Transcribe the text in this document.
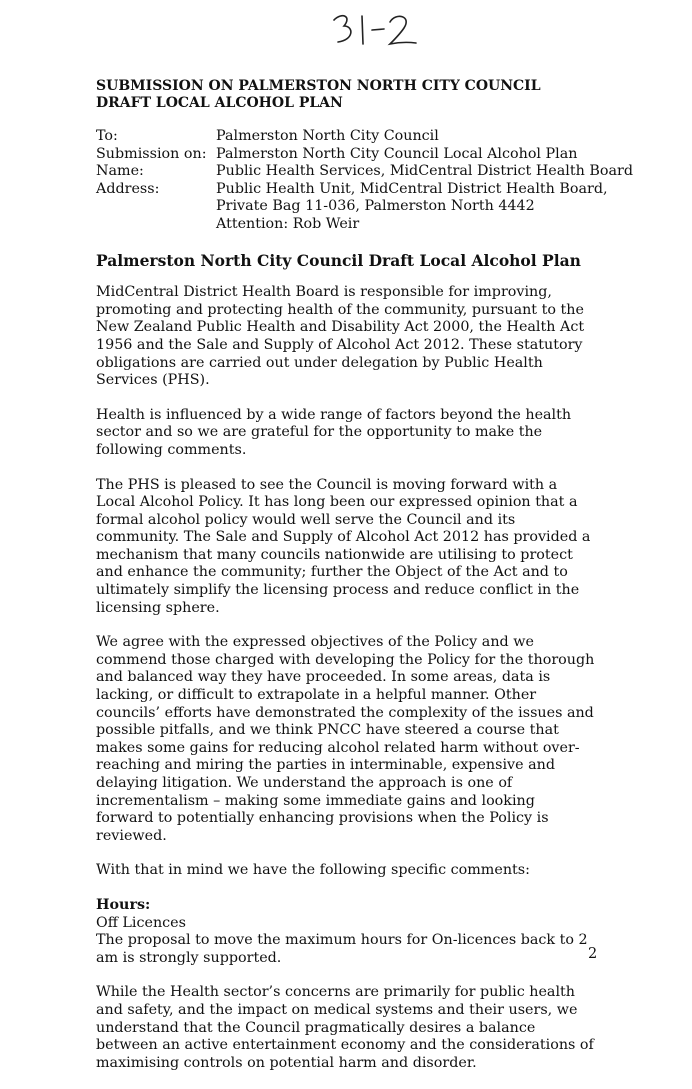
SUBMISSION ON PALMERSTON NORTH CITY COUNCIL
DRAFT LOCAL ALCOHOL PLAN
To:	Palmerston North City Council
Submission on: Palmerston North City Council Local Alcohol Plan
Name:	Public Health Services, MidCentral District Health Board
Address:	Public Health Unit, MidCentral District Health Board,
Private Bag 11-036, Palmerston North 4442
Attention: Rob Weir
Palmerston North City Council Draft Local Alcohol Plan

MidCentral District Health Board is responsible for improving, promoting and protecting health of the community, pursuant to the New Zealand Public Health and Disability Act 2000, the Health Act 1956 and the Sale and Supply of Alcohol Act 2012. These statutory obligations are carried out under delegation by Public Health Services (PHS).

Health is influenced by a wide range of factors beyond the health sector and so we are grateful for the opportunity to make the following comments.

The PHS is pleased to see the Council is moving forward with a Local Alcohol Policy. It has long been our expressed opinion that a formal alcohol policy would well serve the Council and its community. The Sale and Supply of Alcohol Act 2012 has provided a mechanism that many councils nationwide are utilising to protect and enhance the community; further the Object of the Act and to ultimately simplify the licensing process and reduce conflict in the licensing sphere.

We agree with the expressed objectives of the Policy and we commend those charged with developing the Policy for the thorough and balanced way they have proceeded. In some areas, data is lacking, or difficult to extrapolate in a helpful manner. Other councils’ efforts have demonstrated the complexity of the issues and possible pitfalls, and we think PNCC have steered a course that makes some gains for reducing alcohol related harm without over-reaching and miring the parties in interminable, expensive and delaying litigation. We understand the approach is one of incrementalism – making some immediate gains and looking forward to potentially enhancing provisions when the Policy is reviewed.

With that in mind we have the following specific comments:

Hours:
Off Licences
The proposal to move the maximum hours for On-licences back to 2 am is strongly supported.

While the Health sector’s concerns are primarily for public health and safety, and the impact on medical systems and their users, we understand that the Council pragmatically desires a balance between an active entertainment economy and the considerations of maximising controls on potential harm and disorder.

2
